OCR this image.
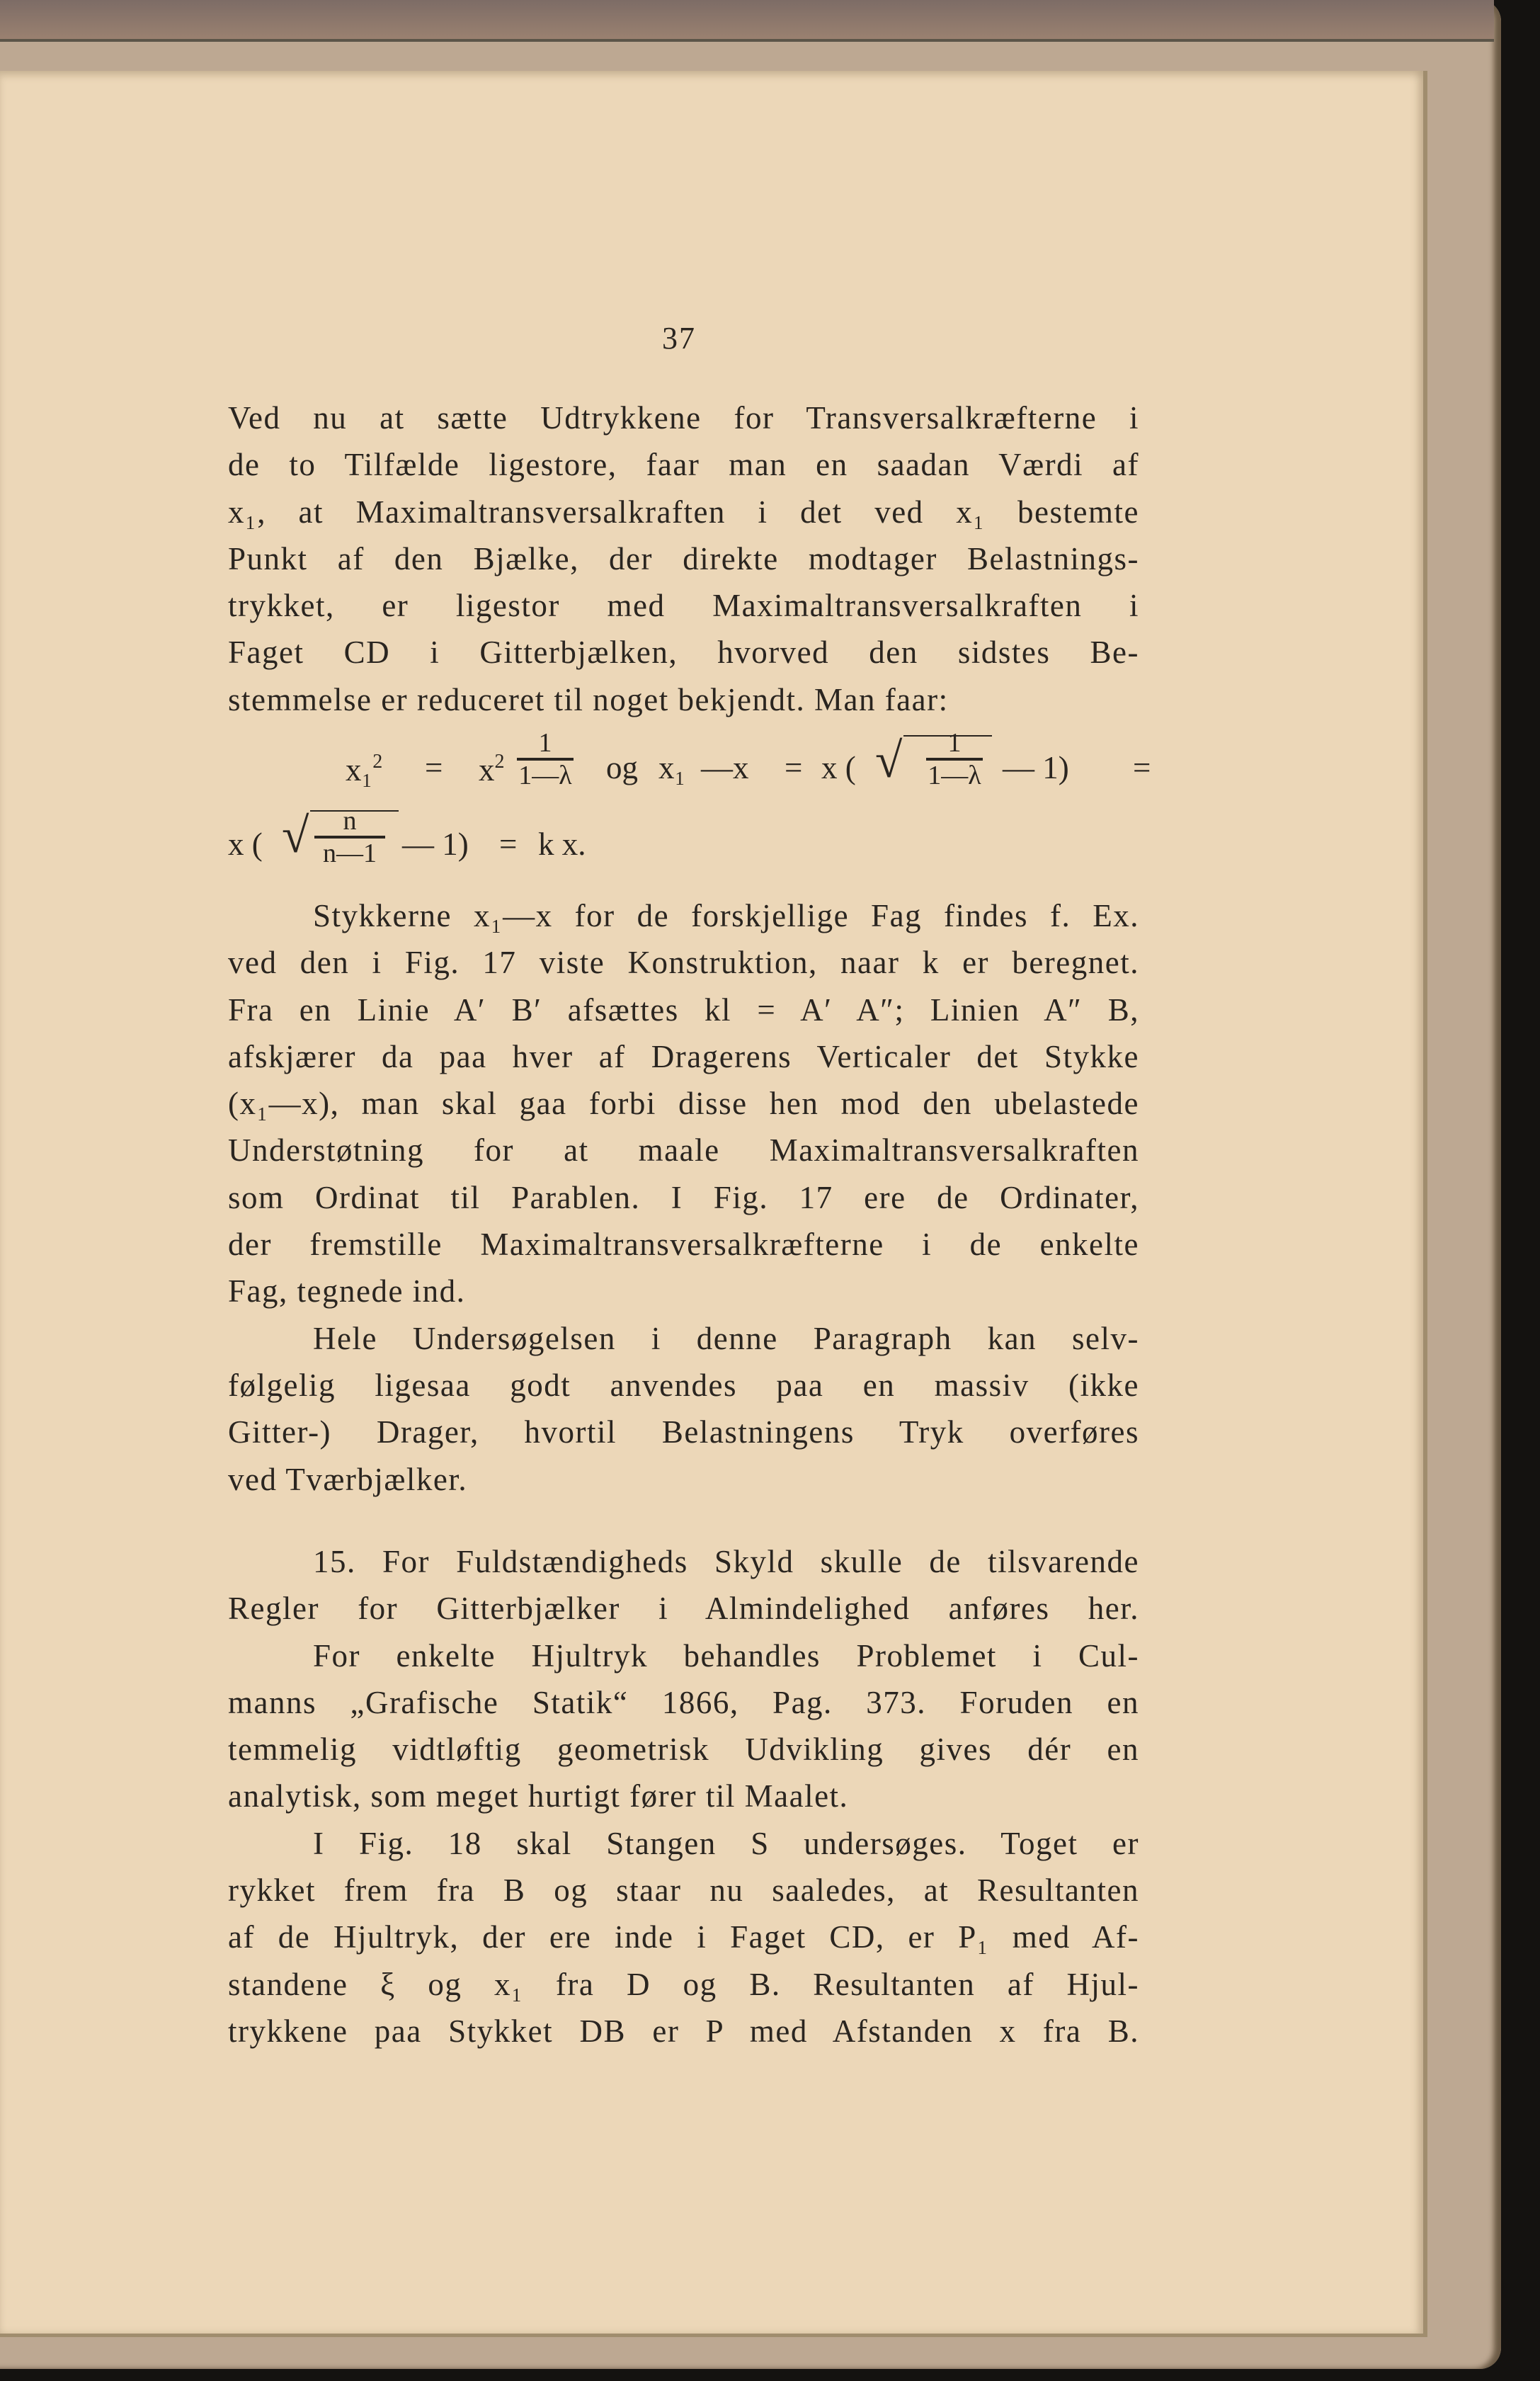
37
Ved nu at sætte Udtrykkene for Transversalkræfterne i
de to Tilfælde ligestore, faar man en saadan Værdi af
x₁, at Maximaltransversalkraften i det ved x₁ bestemte
Punkt af den Bjælke, der direkte modtager Belastnings-
trykket, er ligestor med Maximaltransversalkraften i
Faget CD i Gitterbjælken, hvorved den sidstes Be-
stemmelse er reduceret til noget bekjendt. Man faar:
$x_1^2 = x^2 \frac{1}{1—\lambda}$ og x₁ —x = x ( √ $\frac{1}{1—\lambda}$ — 1) =
x ( √ $\frac{n}{n—1}$ — 1) = k x.
Stykkerne x₁—x for de forskjellige Fag findes f. Ex.
ved den i Fig. 17 viste Konstruktion, naar k er beregnet.
Fra en Linie A′ B′ afsættes kl = A′ A″; Linien A″ B,
afskjærer da paa hver af Dragerens Verticaler det Stykke
(x₁—x), man skal gaa forbi disse hen mod den ubelastede
Understøtning for at maale Maximaltransversalkraften
som Ordinat til Parablen. I Fig. 17 ere de Ordinater,
der fremstille Maximaltransversalkræfterne i de enkelte
Fag, tegnede ind.
Hele Undersøgelsen i denne Paragraph kan selv-
følgelig ligesaa godt anvendes paa en massiv (ikke
Gitter-) Drager, hvortil Belastningens Tryk overføres
ved Tværbjælker.
15. For Fuldstændigheds Skyld skulle de tilsvarende
Regler for Gitterbjælker i Almindelighed anføres her.
For enkelte Hjultryk behandles Problemet i Cul-
manns „Grafische Statik“ 1866, Pag. 373. Foruden en
temmelig vidtløftig geometrisk Udvikling gives dér en
analytisk, som meget hurtigt fører til Maalet.
I Fig. 18 skal Stangen S undersøges. Toget er
rykket frem fra B og staar nu saaledes, at Resultanten
af de Hjultryk, der ere inde i Faget CD, er P₁ med Af-
standene ξ og x₁ fra D og B. Resultanten af Hjul-
trykkene paa Stykket DB er P med Afstanden x fra B.
